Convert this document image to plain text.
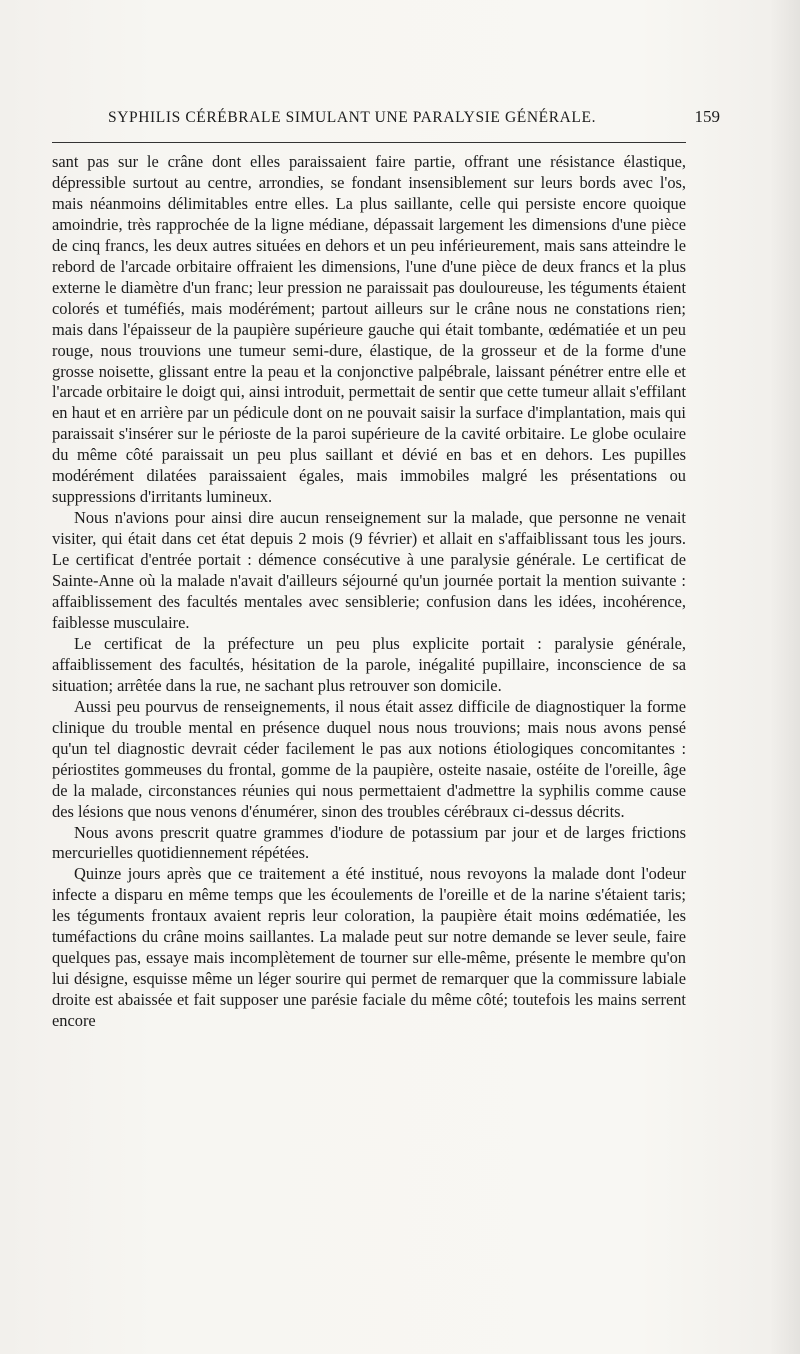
SYPHILIS CÉRÉBRALE SIMULANT UNE PARALYSIE GÉNÉRALE.	159

sant pas sur le crâne dont elles paraissaient faire partie, offrant une résistance élastique, dépressible surtout au centre, arrondies, se fondant insensiblement sur leurs bords avec l'os, mais néanmoins délimitables entre elles. La plus saillante, celle qui persiste encore quoique amoindrie, très rapprochée de la ligne médiane, dépassait largement les dimensions d'une pièce de cinq francs, les deux autres situées en dehors et un peu inférieurement, mais sans atteindre le rebord de l'arcade orbitaire offraient les dimensions, l'une d'une pièce de deux francs et la plus externe le diamètre d'un franc; leur pression ne paraissait pas douloureuse, les téguments étaient colorés et tuméfiés, mais modérément; partout ailleurs sur le crâne nous ne constations rien; mais dans l'épaisseur de la paupière supérieure gauche qui était tombante, œdématiée et un peu rouge, nous trouvions une tumeur semi-dure, élastique, de la grosseur et de la forme d'une grosse noisette, glissant entre la peau et la conjonctive palpébrale, laissant pénétrer entre elle et l'arcade orbitaire le doigt qui, ainsi introduit, permettait de sentir que cette tumeur allait s'effilant en haut et en arrière par un pédicule dont on ne pouvait saisir la surface d'implantation, mais qui paraissait s'insérer sur le périoste de la paroi supérieure de la cavité orbitaire. Le globe oculaire du même côté paraissait un peu plus saillant et dévié en bas et en dehors. Les pupilles modérément dilatées paraissaient égales, mais immobiles malgré les présentations ou suppressions d'irritants lumineux.

Nous n'avions pour ainsi dire aucun renseignement sur la malade, que personne ne venait visiter, qui était dans cet état depuis 2 mois (9 février) et allait en s'affaiblissant tous les jours. Le certificat d'entrée portait : démence consécutive à une paralysie générale. Le certificat de Sainte-Anne où la malade n'avait d'ailleurs séjourné qu'un journée portait la mention suivante : affaiblissement des facultés mentales avec sensiblerie; confusion dans les idées, incohérence, faiblesse musculaire.

Le certificat de la préfecture un peu plus explicite portait : paralysie générale, affaiblissement des facultés, hésitation de la parole, inégalité pupillaire, inconscience de sa situation; arrêtée dans la rue, ne sachant plus retrouver son domicile.

Aussi peu pourvus de renseignements, il nous était assez difficile de diagnostiquer la forme clinique du trouble mental en présence duquel nous nous trouvions; mais nous avons pensé qu'un tel diagnostic devrait céder facilement le pas aux notions étiologiques concomitantes : périostites gommeuses du frontal, gomme de la paupière, osteite nasaie, ostéite de l'oreille, âge de la malade, circonstances réunies qui nous permettaient d'admettre la syphilis comme cause des lésions que nous venons d'énumérer, sinon des troubles cérébraux ci-dessus décrits.

Nous avons prescrit quatre grammes d'iodure de potassium par jour et de larges frictions mercurielles quotidiennement répétées.

Quinze jours après que ce traitement a été institué, nous revoyons la malade dont l'odeur infecte a disparu en même temps que les écoulements de l'oreille et de la narine s'étaient taris; les téguments frontaux avaient repris leur coloration, la paupière était moins œdématiée, les tuméfactions du crâne moins saillantes. La malade peut sur notre demande se lever seule, faire quelques pas, essaye mais incomplètement de tourner sur elle-même, présente le membre qu'on lui désigne, esquisse même un léger sourire qui permet de remarquer que la commissure labiale droite est abaissée et fait supposer une parésie faciale du même côté; toutefois les mains serrent encore
